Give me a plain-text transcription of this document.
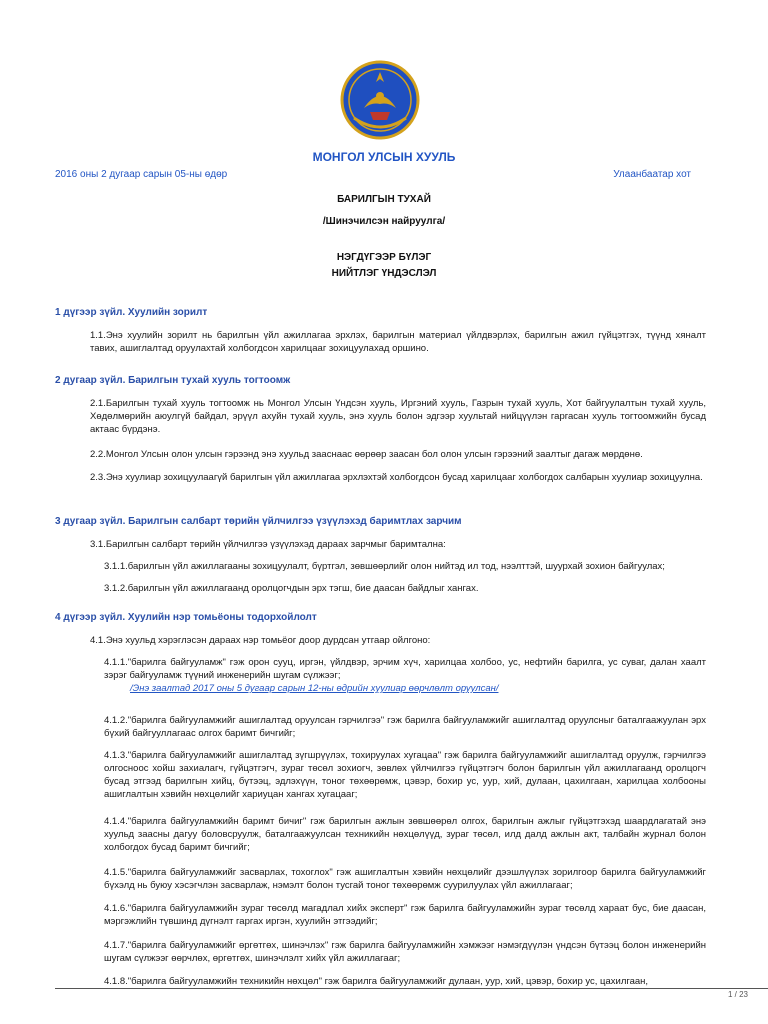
МОНГОЛ УЛСЫН ХУУЛЬ
2016 оны 2 дугаар сарын 05-ны өдөр	Улаанбаатар хот
БАРИЛГЫН ТУХАЙ
/Шинэчилсэн найруулга/
НЭГДҮГЭЭР БҮЛЭГ
НИЙТЛЭГ ҮНДЭСЛЭЛ
1 дүгээр зүйл. Хуулийн зорилт
1.1.Энэ хуулийн зорилт нь барилгын үйл ажиллагаа эрхлэх, барилгын материал үйлдвэрлэх, барилгын ажил гүйцэтгэх, түүнд хяналт тавих, ашиглалтад оруулахтай холбогдсон харилцааг зохицуулахад оршино.
2 дугаар зүйл. Барилгын тухай хууль тогтоомж
2.1.Барилгын тухай хууль тогтоомж нь Монгол Улсын Үндсэн хууль, Иргэний хууль, Газрын тухай хууль, Хот байгуулалтын тухай хууль, Хөдөлмөрийн аюулгүй байдал, эрүүл ахуйн тухай хууль, энэ хууль болон эдгээр хуультай нийцүүлэн гаргасан хууль тогтоомжийн бусад актаас бүрдэнэ.
2.2.Монгол Улсын олон улсын гэрээнд энэ хуульд зааснаас өөрөөр заасан бол олон улсын гэрээний заалтыг дагаж мөрдөнө.
2.3.Энэ хуулиар зохицуулаагүй барилгын үйл ажиллагаа эрхлэхтэй холбогдсон бусад харилцааг холбогдох салбарын хуулиар зохицуулна.
3 дугаар зүйл. Барилгын салбарт төрийн үйлчилгээ үзүүлэхэд баримтлах зарчим
3.1.Барилгын салбарт төрийн үйлчилгээ үзүүлэхэд дараах зарчмыг баримтална:
3.1.1.барилгын үйл ажиллагааны зохицуулалт, бүртгэл, зөвшөөрлийг олон нийтэд ил тод, нээлттэй, шуурхай зохион байгуулах;
3.1.2.барилгын үйл ажиллагаанд оролцогчдын эрх тэгш, бие даасан байдлыг хангах.
4 дүгээр зүйл. Хуулийн нэр томьёоны тодорхойлолт
4.1.Энэ хуульд хэрэглэсэн дараах нэр томьёог доор дурдсан утгаар ойлгоно:
4.1.1."барилга байгууламж" гэж орон сууц, иргэн, үйлдвэр, эрчим хүч, харилцаа холбоо, ус, нефтийн барилга, ус суваг, далан хаалт зэрэг байгууламж түүний инженерийн шугам сүлжээг;
/Энэ заалтад 2017 оны 5 дугаар сарын 12-ны өдрийн хуулиар өөрчлөлт оруулсан/
4.1.2."барилга байгууламжийг ашиглалтад оруулсан гэрчилгээ" гэж барилга байгууламжийг ашиглалтад оруулсныг баталгаажуулан эрх бүхий байгууллагаас олгох баримт бичгийг;
4.1.3."барилга байгууламжийг ашиглалтад зүгшрүүлэх, тохируулах хугацаа" гэж барилга байгууламжийг ашиглалтад оруулж, гэрчилгээ олгосноос хойш захиалагч, гүйцэтгэгч, зураг төсөл зохиогч, зөвлөх үйлчилгээ гүйцэтгэгч болон барилгын үйл ажиллагаанд оролцогч бусад этгээд барилгын хийц, бүтээц, эдлэхүүн, тоног төхөөрөмж, цэвэр, бохир ус, уур, хий, дулаан, цахилгаан, харилцаа холбооны ашиглалтын хэвийн нөхцөлийг хариуцан хангах хугацааг;
4.1.4."барилга байгууламжийн баримт бичиг" гэж барилгын ажлын зөвшөөрөл олгох, барилгын ажлыг гүйцэтгэхэд шаардлагатай энэ хуульд заасны дагуу боловсруулж, баталгаажуулсан техникийн нөхцөлүүд, зураг төсөл, илд далд ажлын акт, талбайн журнал болон холбогдох бусад баримт бичгийг;
4.1.5."барилга байгууламжийг засварлах, тохоглох" гэж ашиглалтын хэвийн нөхцөлийг дээшлүүлэх зорилгоор барилга байгууламжийг бүхэлд нь буюу хэсэгчлэн засварлаж, нэмэлт болон тусгай тоног төхөөрөмж суурилуулах үйл ажиллагааг;
4.1.6."барилга байгууламжийн зураг төсөлд магадлал хийх эксперт" гэж барилга байгууламжийн зураг төсөлд хараат бус, бие даасан, мэргэжлийн түвшинд дүгнэлт гаргах иргэн, хуулийн этгээдийг;
4.1.7."барилга байгууламжийг өргөтгөх, шинэчлэх" гэж барилга байгууламжийн хэмжээг нэмэгдүүлэн үндсэн бүтээц болон инженерийн шугам сүлжээг өөрчлөх, өргөтгөх, шинэчлэлт хийх үйл ажиллагааг;
4.1.8."барилга байгууламжийн техникийн нөхцөл" гэж барилга байгууламжийг дулаан, уур, хий, цэвэр, бохир ус, цахилгаан,
1 / 23
